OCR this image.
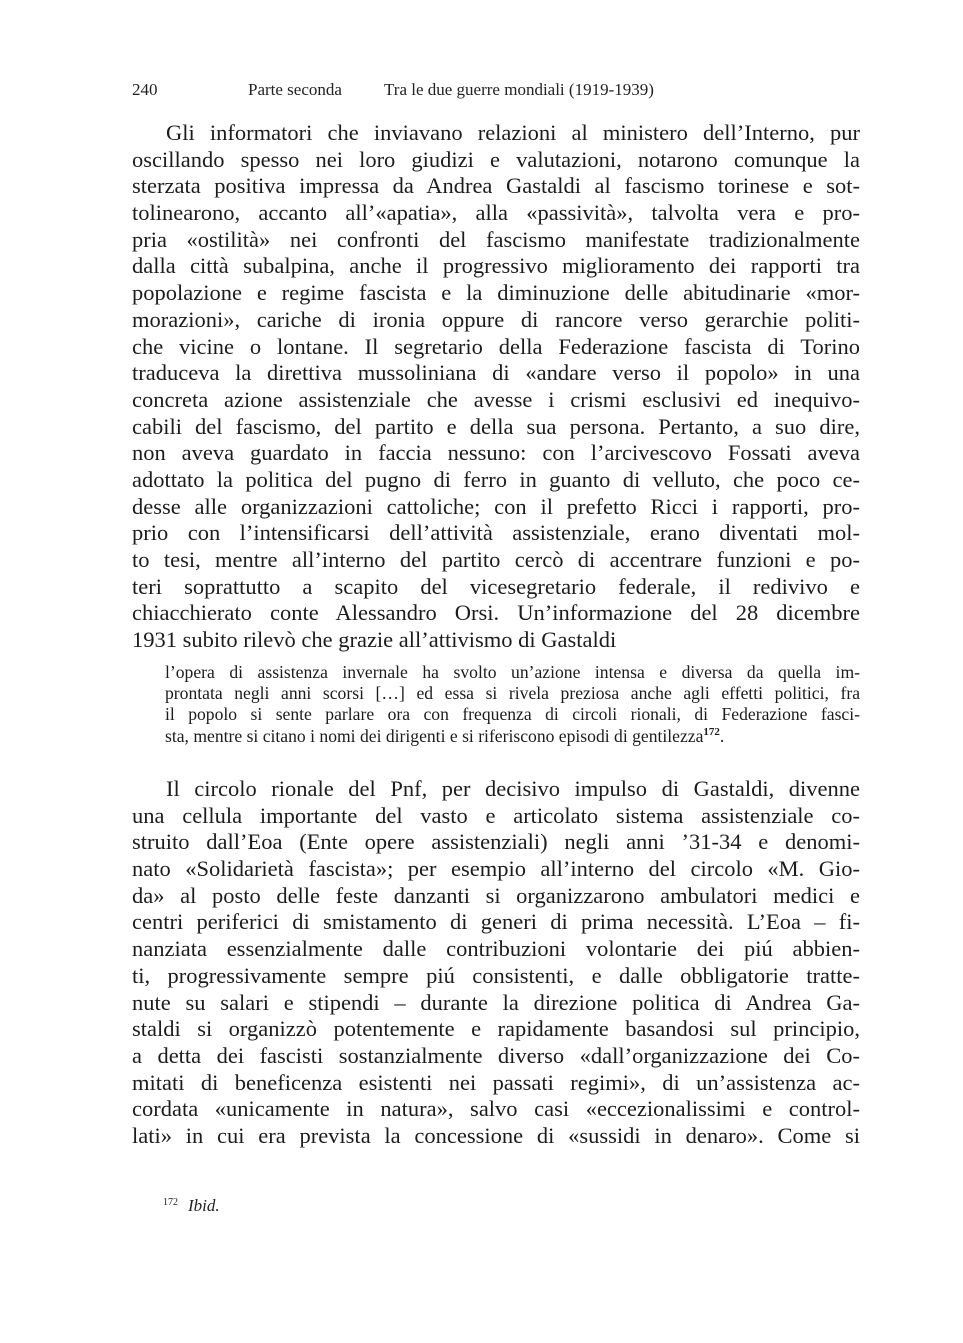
240	Parte seconda Tra le due guerre mondiali (1919-1939)
Gli informatori che inviavano relazioni al ministero dell’Interno, pur
oscillando spesso nei loro giudizi e valutazioni, notarono comunque la
sterzata positiva impressa da Andrea Gastaldi al fascismo torinese e sot-
tolinearono, accanto all’«apatia», alla «passività», talvolta vera e pro-
pria «ostilità» nei confronti del fascismo manifestate tradizionalmente
dalla città subalpina, anche il progressivo miglioramento dei rapporti tra
popolazione e regime fascista e la diminuzione delle abitudinarie «mor-
morazioni», cariche di ironia oppure di rancore verso gerarchie politi-
che vicine o lontane. Il segretario della Federazione fascista di Torino
traduceva la direttiva mussoliniana di «andare verso il popolo» in una
concreta azione assistenziale che avesse i crismi esclusivi ed inequivo-
cabili del fascismo, del partito e della sua persona. Pertanto, a suo dire,
non aveva guardato in faccia nessuno: con l’arcivescovo Fossati aveva
adottato la politica del pugno di ferro in guanto di velluto, che poco ce-
desse alle organizzazioni cattoliche; con il prefetto Ricci i rapporti, pro-
prio con l’intensificarsi dell’attività assistenziale, erano diventati mol-
to tesi, mentre all’interno del partito cercò di accentrare funzioni e po-
teri soprattutto a scapito del vicesegretario federale, il redivivo e
chiacchierato conte Alessandro Orsi. Un’informazione del 28 dicembre
1931 subito rilevò che grazie all’attivismo di Gastaldi
l’opera di assistenza invernale ha svolto un’azione intensa e diversa da quella im-
prontata negli anni scorsi […] ed essa si rivela preziosa anche agli effetti politici, fra
il popolo si sente parlare ora con frequenza di circoli rionali, di Federazione fasci-
sta, mentre si citano i nomi dei dirigenti e si riferiscono episodi di gentilezza$^{172}$.
Il circolo rionale del Pnf, per decisivo impulso di Gastaldi, divenne
una cellula importante del vasto e articolato sistema assistenziale co-
struito dall’Eoa (Ente opere assistenziali) negli anni ’31-34 e denomi-
nato «Solidarietà fascista»; per esempio all’interno del circolo «M. Gio-
da» al posto delle feste danzanti si organizzarono ambulatori medici e
centri periferici di smistamento di generi di prima necessità. L’Eoa – fi-
nanziata essenzialmente dalle contribuzioni volontarie dei piú abbien-
ti, progressivamente sempre piú consistenti, e dalle obbligatorie tratte-
nute su salari e stipendi – durante la direzione politica di Andrea Ga-
staldi si organizzò potentemente e rapidamente basandosi sul principio,
a detta dei fascisti sostanzialmente diverso «dall’organizzazione dei Co-
mitati di beneficenza esistenti nei passati regimi», di un’assistenza ac-
cordata «unicamente in natura», salvo casi «eccezionalissimi e control-
lati» in cui era prevista la concessione di «sussidi in denaro». Come si
$^{172}$ Ibid.
